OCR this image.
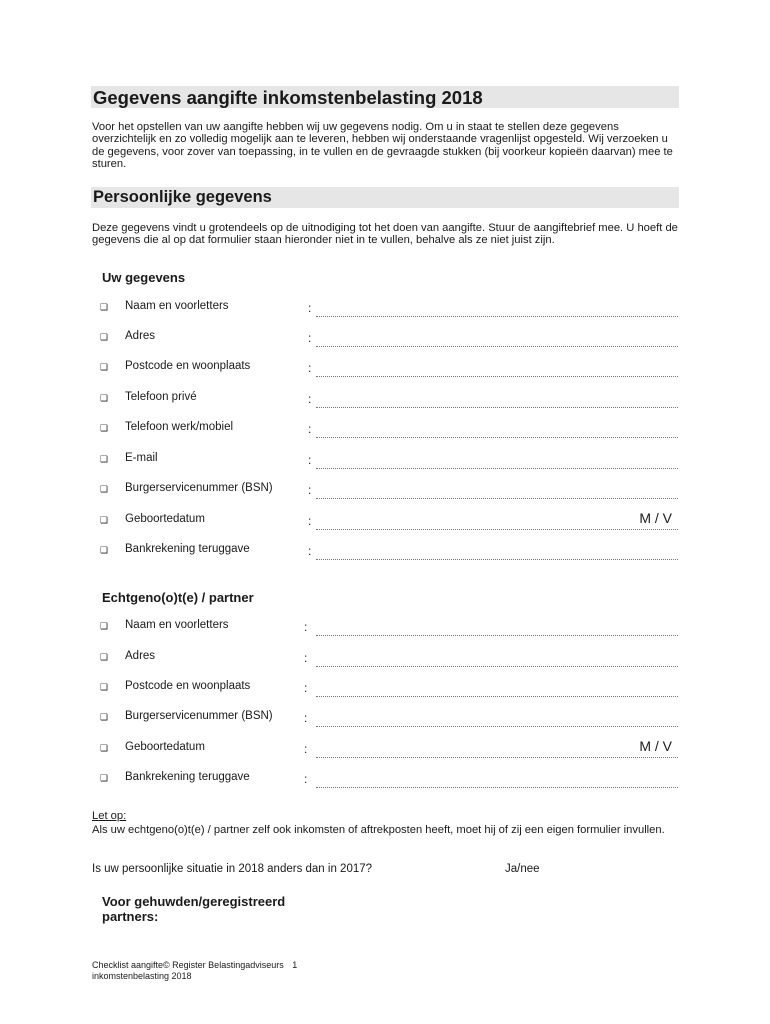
Gegevens aangifte inkomstenbelasting 2018

Voor het opstellen van uw aangifte hebben wij uw gegevens nodig. Om u in staat te stellen deze gegevens overzichtelijk en zo volledig mogelijk aan te leveren, hebben wij onderstaande vragenlijst opgesteld. Wij verzoeken u de gegevens, voor zover van toepassing, in te vullen en de gevraagde stukken (bij voorkeur kopieën daarvan) mee te sturen.

Persoonlijke gegevens

Deze gegevens vindt u grotendeels op de uitnodiging tot het doen van aangifte. Stuur de aangiftebrief mee. U hoeft de gegevens die al op dat formulier staan hieronder niet in te vullen, behalve als ze niet juist zijn.

Uw gegevens
❏ Naam en voorletters	:
❏ Adres	:
❏ Postcode en woonplaats	:
❏ Telefoon privé	:
❏ Telefoon werk/mobiel	:
❏ E-mail	:
❏ Burgerservicenummer (BSN)	:
❏ Geboortedatum	:	M / V
❏ Bankrekening teruggave	:
Echtgeno(o)t(e) / partner
❏ Naam en voorletters	:
❏ Adres	:
❏ Postcode en woonplaats	:
❏ Burgerservicenummer (BSN)	:
❏ Geboortedatum	:	M / V
❏ Bankrekening teruggave	:
Let op:

Als uw echtgeno(o)t(e) / partner zelf ook inkomsten of aftrekposten heeft, moet hij of zij een eigen formulier invullen.

Is uw persoonlijke situatie in 2018 anders dan in 2017?	Ja/nee
Voor gehuwden/geregistreerd partners:
Checklist aangifte© Register Belastingadviseurs 1
inkomstenbelasting 2018
